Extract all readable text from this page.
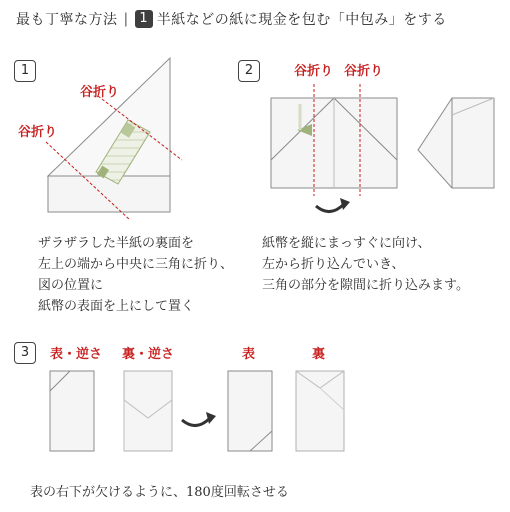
最も丁寧な方法 | 1 半紙などの紙に現金を包む「中包み」をする
1
谷折り
谷折り
ザラザラした半紙の裏面を
左上の端から中央に三角に折り、
図の位置に
紙幣の表面を上にして置く
2	谷折り 谷折り
紙幣を縦にまっすぐに向け、
左から折り込んでいき、
三角の部分を隙間に折り込みます。
3	表・逆さ 裏・逆さ	表	裏
表の右下が欠けるように、180度回転させる
